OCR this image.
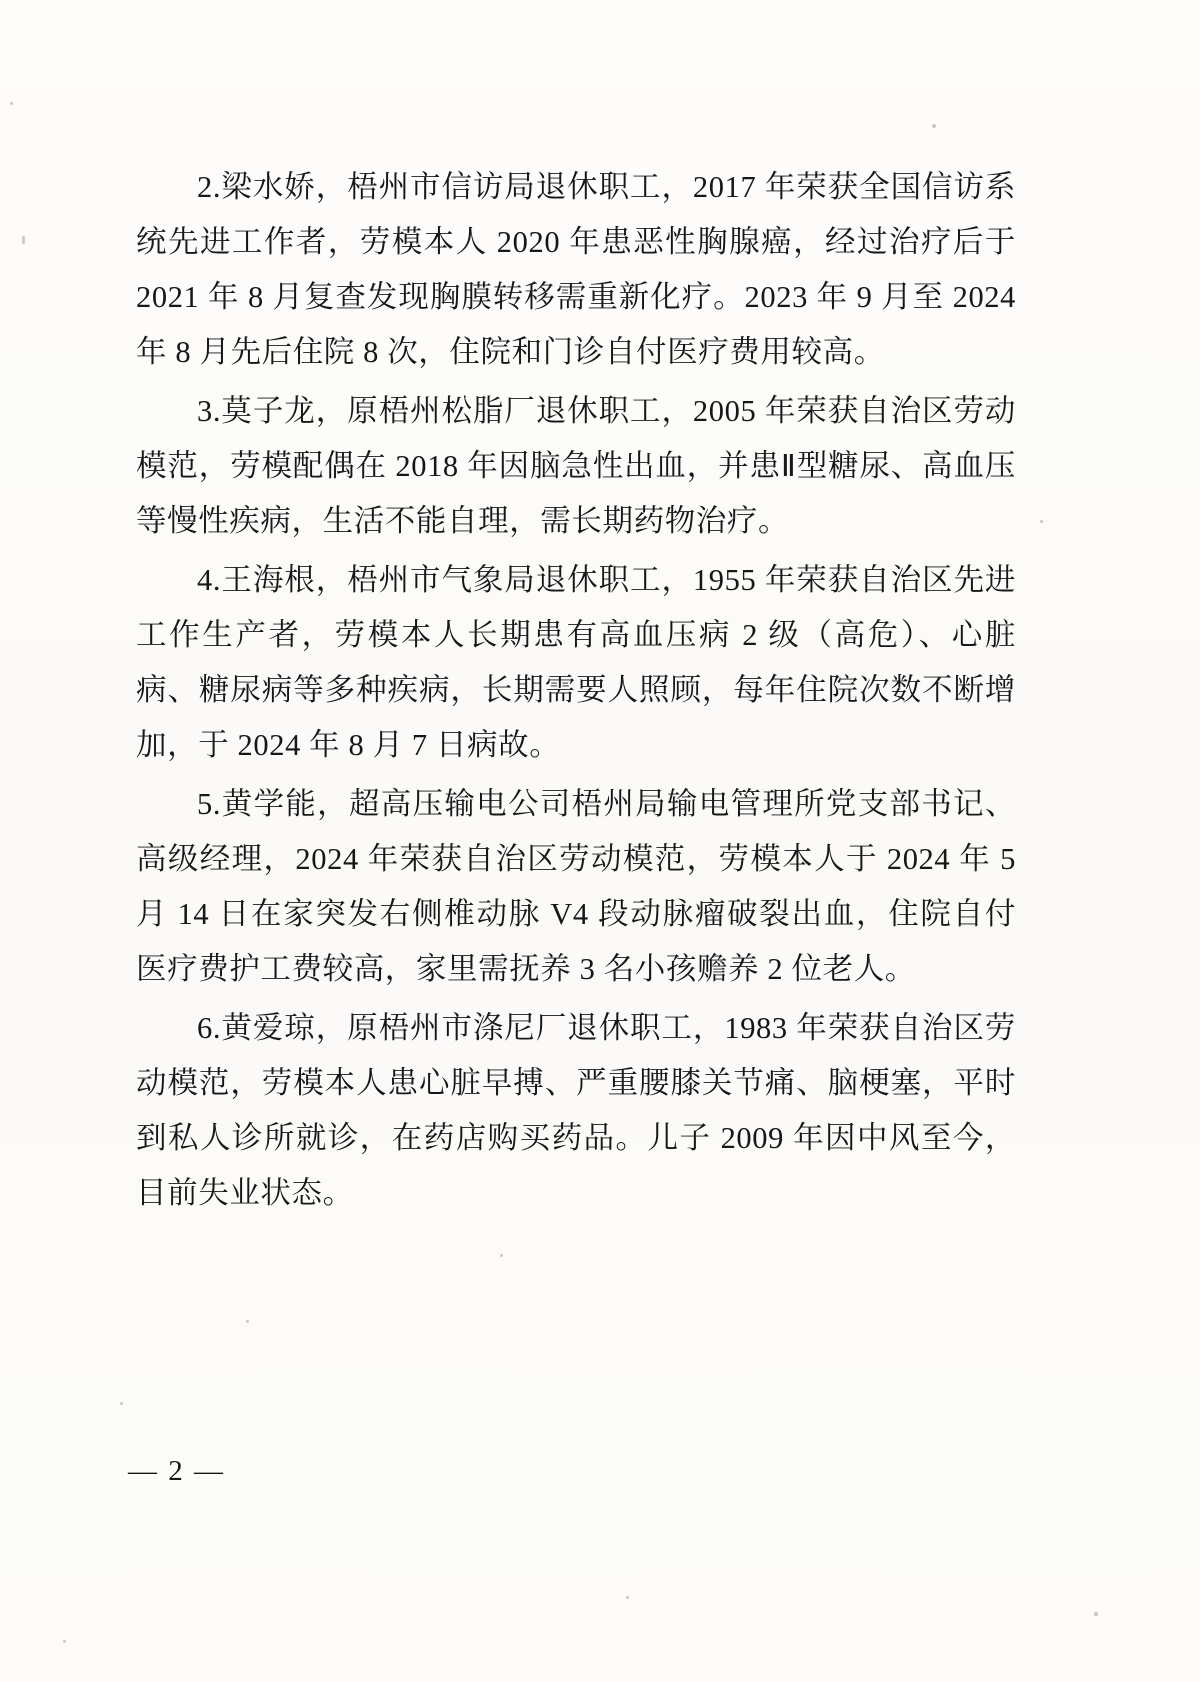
2.梁水娇，梧州市信访局退休职工，2017 年荣获全国信访系统先进工作者，劳模本人 2020 年患恶性胸腺癌，经过治疗后于 2021 年 8 月复查发现胸膜转移需重新化疗。2023 年 9 月至 2024 年 8 月先后住院 8 次，住院和门诊自付医疗费用较高。

3.莫子龙，原梧州松脂厂退休职工，2005 年荣获自治区劳动模范，劳模配偶在 2018 年因脑急性出血，并患Ⅱ型糖尿、高血压等慢性疾病，生活不能自理，需长期药物治疗。

4.王海根，梧州市气象局退休职工，1955 年荣获自治区先进工作生产者，劳模本人长期患有高血压病 2 级（高危）、心脏病、糖尿病等多种疾病，长期需要人照顾，每年住院次数不断增加，于 2024 年 8 月 7 日病故。

5.黄学能，超高压输电公司梧州局输电管理所党支部书记、高级经理，2024 年荣获自治区劳动模范，劳模本人于 2024 年 5 月 14 日在家突发右侧椎动脉 V4 段动脉瘤破裂出血，住院自付医疗费护工费较高，家里需抚养 3 名小孩赡养 2 位老人。

6.黄爱琼，原梧州市涤尼厂退休职工，1983 年荣获自治区劳动模范，劳模本人患心脏早搏、严重腰膝关节痛、脑梗塞，平时到私人诊所就诊，在药店购买药品。儿子 2009 年因中风至今，目前失业状态。

— 2 —
